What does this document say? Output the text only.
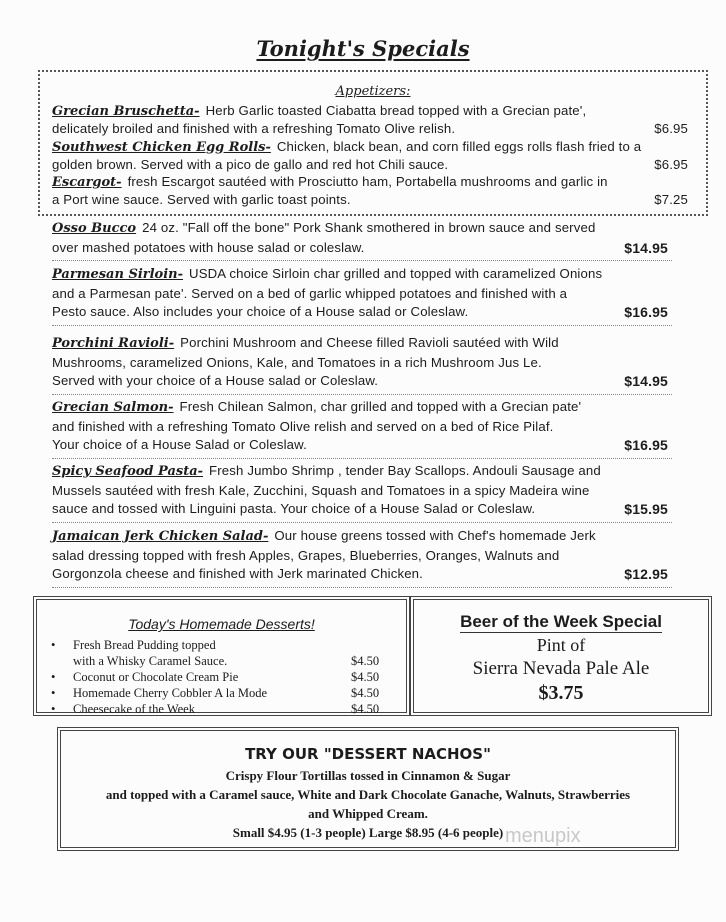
Tonight's Specials
Appetizers:
Grecian Bruschetta- Herb Garlic toasted Ciabatta bread topped with a Grecian pate',
delicately broiled and finished with a refreshing Tomato Olive relish.	$6.95
Southwest Chicken Egg Rolls- Chicken, black bean, and corn filled eggs rolls flash fried to a
golden brown. Served with a pico de gallo and red hot Chili sauce.	$6.95
Escargot- fresh Escargot sautéed with Prosciutto ham, Portabella mushrooms and garlic in
a Port wine sauce. Served with garlic toast points.	$7.25
Osso Bucco 24 oz. "Fall off the bone" Pork Shank smothered in brown sauce and served
over mashed potatoes with house salad or coleslaw.	$14.95
Parmesan Sirloin- USDA choice Sirloin char grilled and topped with caramelized Onions
and a Parmesan pate'. Served on a bed of garlic whipped potatoes and finished with a
Pesto sauce. Also includes your choice of a House salad or Coleslaw.	$16.95
Porchini Ravioli- Porchini Mushroom and Cheese filled Ravioli sautéed with Wild
Mushrooms, caramelized Onions, Kale, and Tomatoes in a rich Mushroom Jus Le.
Served with your choice of a House salad or Coleslaw.	$14.95
Grecian Salmon- Fresh Chilean Salmon, char grilled and topped with a Grecian pate'
and finished with a refreshing Tomato Olive relish and served on a bed of Rice Pilaf.
Your choice of a House Salad or Coleslaw.	$16.95
Spicy Seafood Pasta- Fresh Jumbo Shrimp , tender Bay Scallops. Andouli Sausage and
Mussels sautéed with fresh Kale, Zucchini, Squash and Tomatoes in a spicy Madeira wine
sauce and tossed with Linguini pasta. Your choice of a House Salad or Coleslaw.	$15.95
Jamaican Jerk Chicken Salad- Our house greens tossed with Chef's homemade Jerk
salad dressing topped with fresh Apples, Grapes, Blueberries, Oranges, Walnuts and
Gorgonzola cheese and finished with Jerk marinated Chicken.	$12.95
Today's Homemade Desserts!
•	Fresh Bread Pudding topped
with a Whisky Caramel Sauce.	$4.50
•	Coconut or Chocolate Cream Pie	$4.50
•	Homemade Cherry Cobbler A la Mode	$4.50
•	Cheesecake of the Week	$4.50
Beer of the Week Special
Pint of
Sierra Nevada Pale Ale
$3.75
TRY OUR "DESSERT NACHOS"
Crispy Flour Tortillas tossed in Cinnamon & Sugar
and topped with a Caramel sauce, White and Dark Chocolate Ganache, Walnuts, Strawberries
and Whipped Cream.
Small $4.95 (1-3 people) Large $8.95 (4-6 people) menupix
